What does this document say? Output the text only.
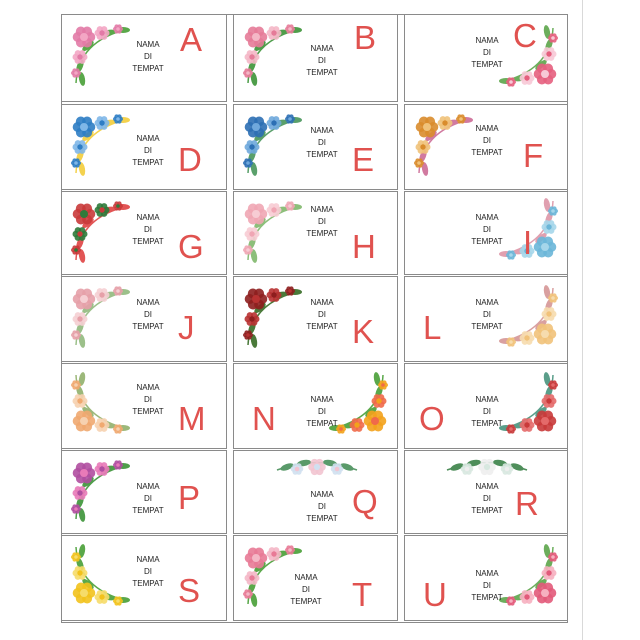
NAMA
DI
TEMPAT
A	NAMA
DI
TEMPAT
B	NAMA
DI
TEMPAT
C
NAMA
DI
TEMPAT D
NAMA
DI
TEMPAT E
NAMA
DI
TEMPAT F
NAMA
DI
TEMPAT G
NAMA
DI
TEMPAT H
NAMA
DI
TEMPAT I
NAMA
DI
TEMPAT J
NAMA
DI
TEMPAT K
NAMA
DI
TEMPAT
L
NAMA
DI
TEMPAT M
NAMA
DI
TEMPAT
N
NAMA
DI
TEMPAT
O
NAMA
DI
TEMPAT P	NAMA
DI
TEMPAT Q	NAMA
DI
TEMPAT R
NAMA
DI
TEMPAT S	NAMA
DI
TEMPAT T
NAMA
DI
TEMPAT
U
